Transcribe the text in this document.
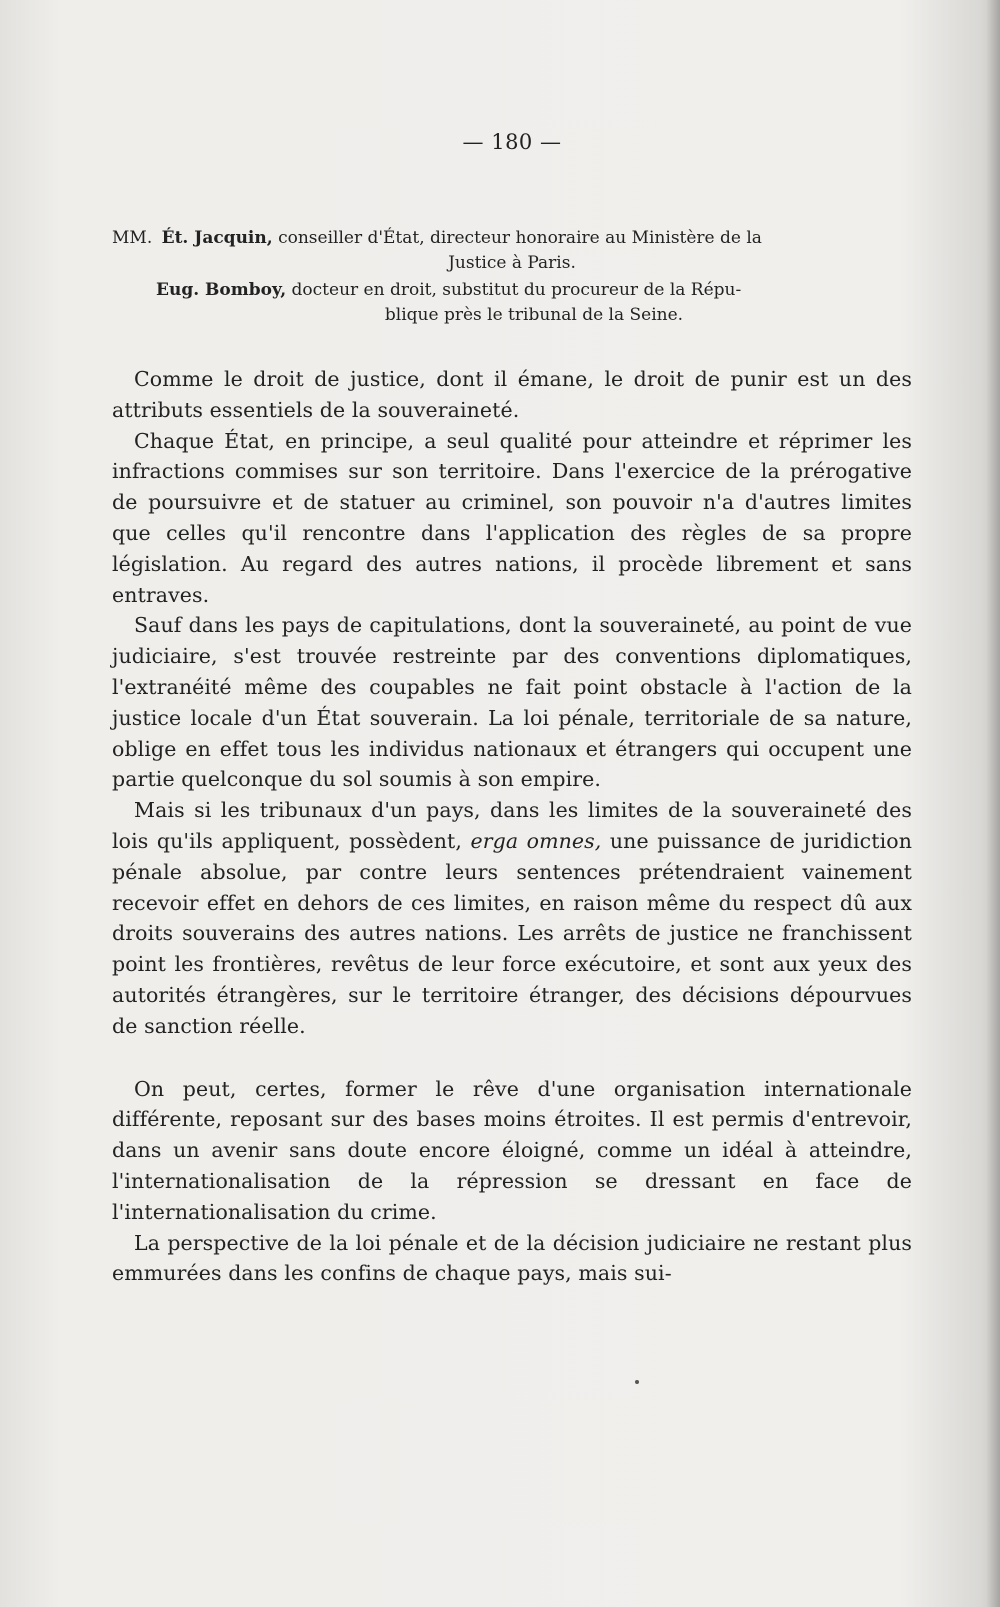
— 180 —
MM. Ét. Jacquin, conseiller d'État, directeur honoraire au Ministère de la
Justice à Paris.
Eug. Bomboy, docteur en droit, substitut du procureur de la Répu-
blique près le tribunal de la Seine.

Comme le droit de justice, dont il émane, le droit de punir est un des attributs essentiels de la souveraineté.

Chaque État, en principe, a seul qualité pour atteindre et réprimer les infractions commises sur son territoire. Dans l'exercice de la prérogative de poursuivre et de statuer au criminel, son pouvoir n'a d'autres limites que celles qu'il rencontre dans l'application des règles de sa propre législation. Au regard des autres nations, il procède librement et sans entraves.

Sauf dans les pays de capitulations, dont la souveraineté, au point de vue judiciaire, s'est trouvée restreinte par des conventions diplomatiques, l'extranéité même des coupables ne fait point obstacle à l'action de la justice locale d'un État souverain. La loi pénale, territoriale de sa nature, oblige en effet tous les individus nationaux et étrangers qui occupent une partie quelconque du sol soumis à son empire.

Mais si les tribunaux d'un pays, dans les limites de la souveraineté des lois qu'ils appliquent, possèdent, erga omnes, une puissance de juridiction pénale absolue, par contre leurs sentences prétendraient vainement recevoir effet en dehors de ces limites, en raison même du respect dû aux droits souverains des autres nations. Les arrêts de justice ne franchissent point les frontières, revêtus de leur force exécutoire, et sont aux yeux des autorités étrangères, sur le territoire étranger, des décisions dépourvues de sanction réelle.

On peut, certes, former le rêve d'une organisation internationale différente, reposant sur des bases moins étroites. Il est permis d'entrevoir, dans un avenir sans doute encore éloigné, comme un idéal à atteindre, l'internationalisation de la répression se dressant en face de l'internationalisation du crime.

La perspective de la loi pénale et de la décision judiciaire ne restant plus emmurées dans les confins de chaque pays, mais sui-
